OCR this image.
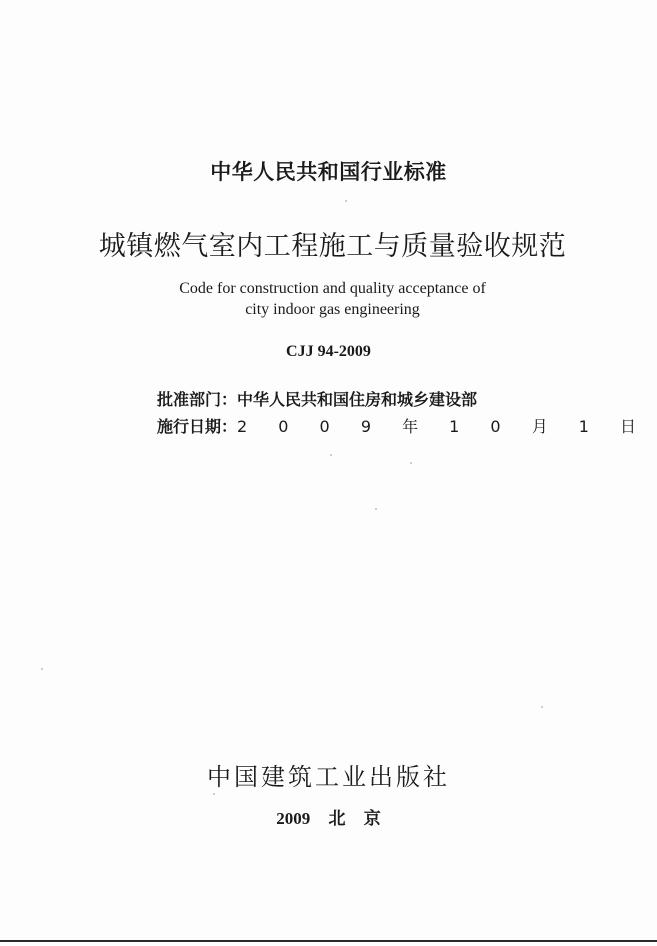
中华人民共和国行业标准
城镇燃气室内工程施工与质量验收规范
Code for construction and quality acceptance of
city indoor gas engineering
CJJ 94-2009
批准部门：中华人民共和国住房和城乡建设部
施行日期：2 0 0 9 年 1 0 月 1 日
中国建筑工业出版社
2009 北 京
